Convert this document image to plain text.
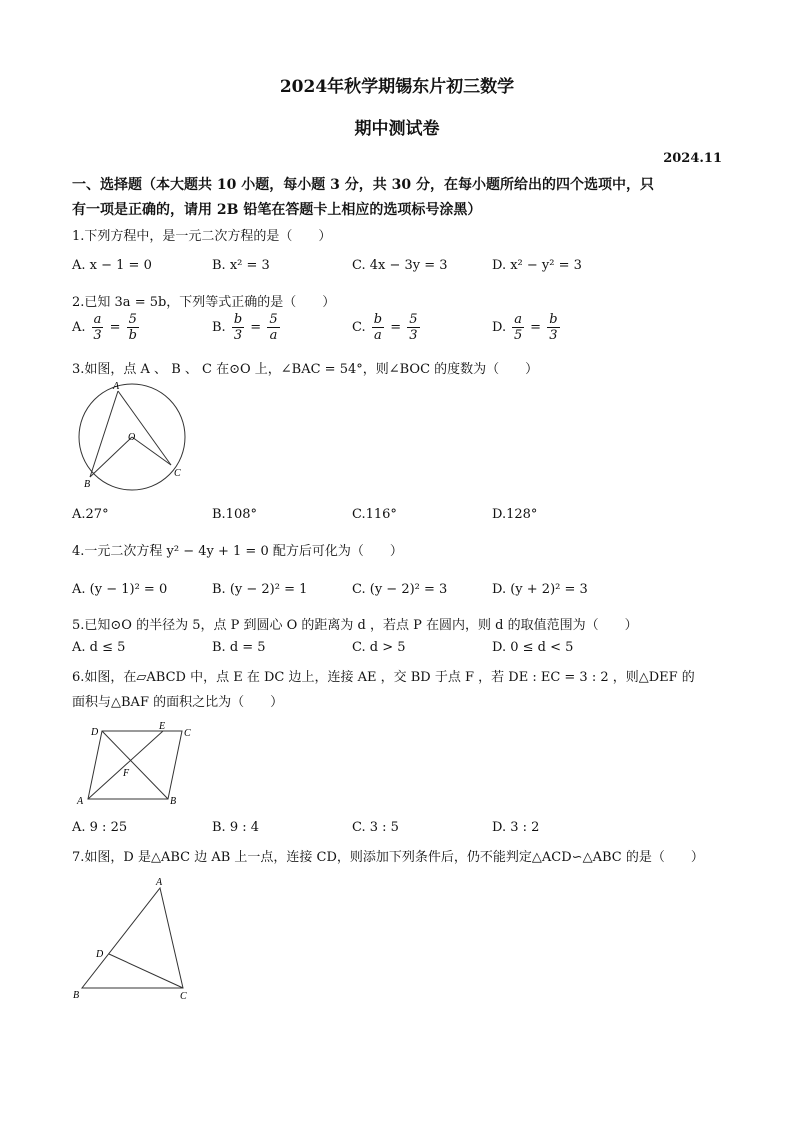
2024年秋学期锡东片初三数学
期中测试卷
2024.11
一、选择题（本大题共 10 小题，每小题 3 分，共 30 分，在每小题所给出的四个选项中，只
有一项是正确的，请用 2B 铅笔在答题卡上相应的选项标号涂黑）
1.下列方程中，是一元二次方程的是（　　）
A. x − 1 = 0	B. x² = 3	C. 4x − 3y = 3	D. x² − y² = 3
2.已知 3a = 5b，下列等式正确的是（　　）
A. $\frac{a}{3} = \frac{5}{b}$	B. $\frac{b}{3} = \frac{5}{a}$	C. $\frac{b}{a} = \frac{5}{3}$	D. $\frac{a}{5} = \frac{b}{3}$
3.如图，点 A 、 B 、 C 在⊙O 上，∠BAC = 54°，则∠BOC 的度数为（　　）
A
B
C
O
A.27°	B.108°	C.116°	D.128°
4.一元二次方程 y² − 4y + 1 = 0 配方后可化为（　　）
A. (y − 1)² = 0	B. (y − 2)² = 1	C. (y − 2)² = 3	D. (y + 2)² = 3
5.已知⊙O 的半径为 5，点 P 到圆心 O 的距离为 d ，若点 P 在圆内，则 d 的取值范围为（　　）
A. d ≤ 5	B. d = 5	C. d > 5	D. 0 ≤ d < 5
6.如图，在▱ABCD 中，点 E 在 DC 边上，连接 AE ，交 BD 于点 F ，若 DE : EC = 3 : 2 ，则△DEF 的
面积与△BAF 的面积之比为（　　）
D
E
C
F
A	B
A. 9 : 25	B. 9 : 4	C. 3 : 5	D. 3 : 2
7.如图，D 是△ABC 边 AB 上一点，连接 CD，则添加下列条件后，仍不能判定△ACD∽△ABC 的是（　　）
A
D
B	C
